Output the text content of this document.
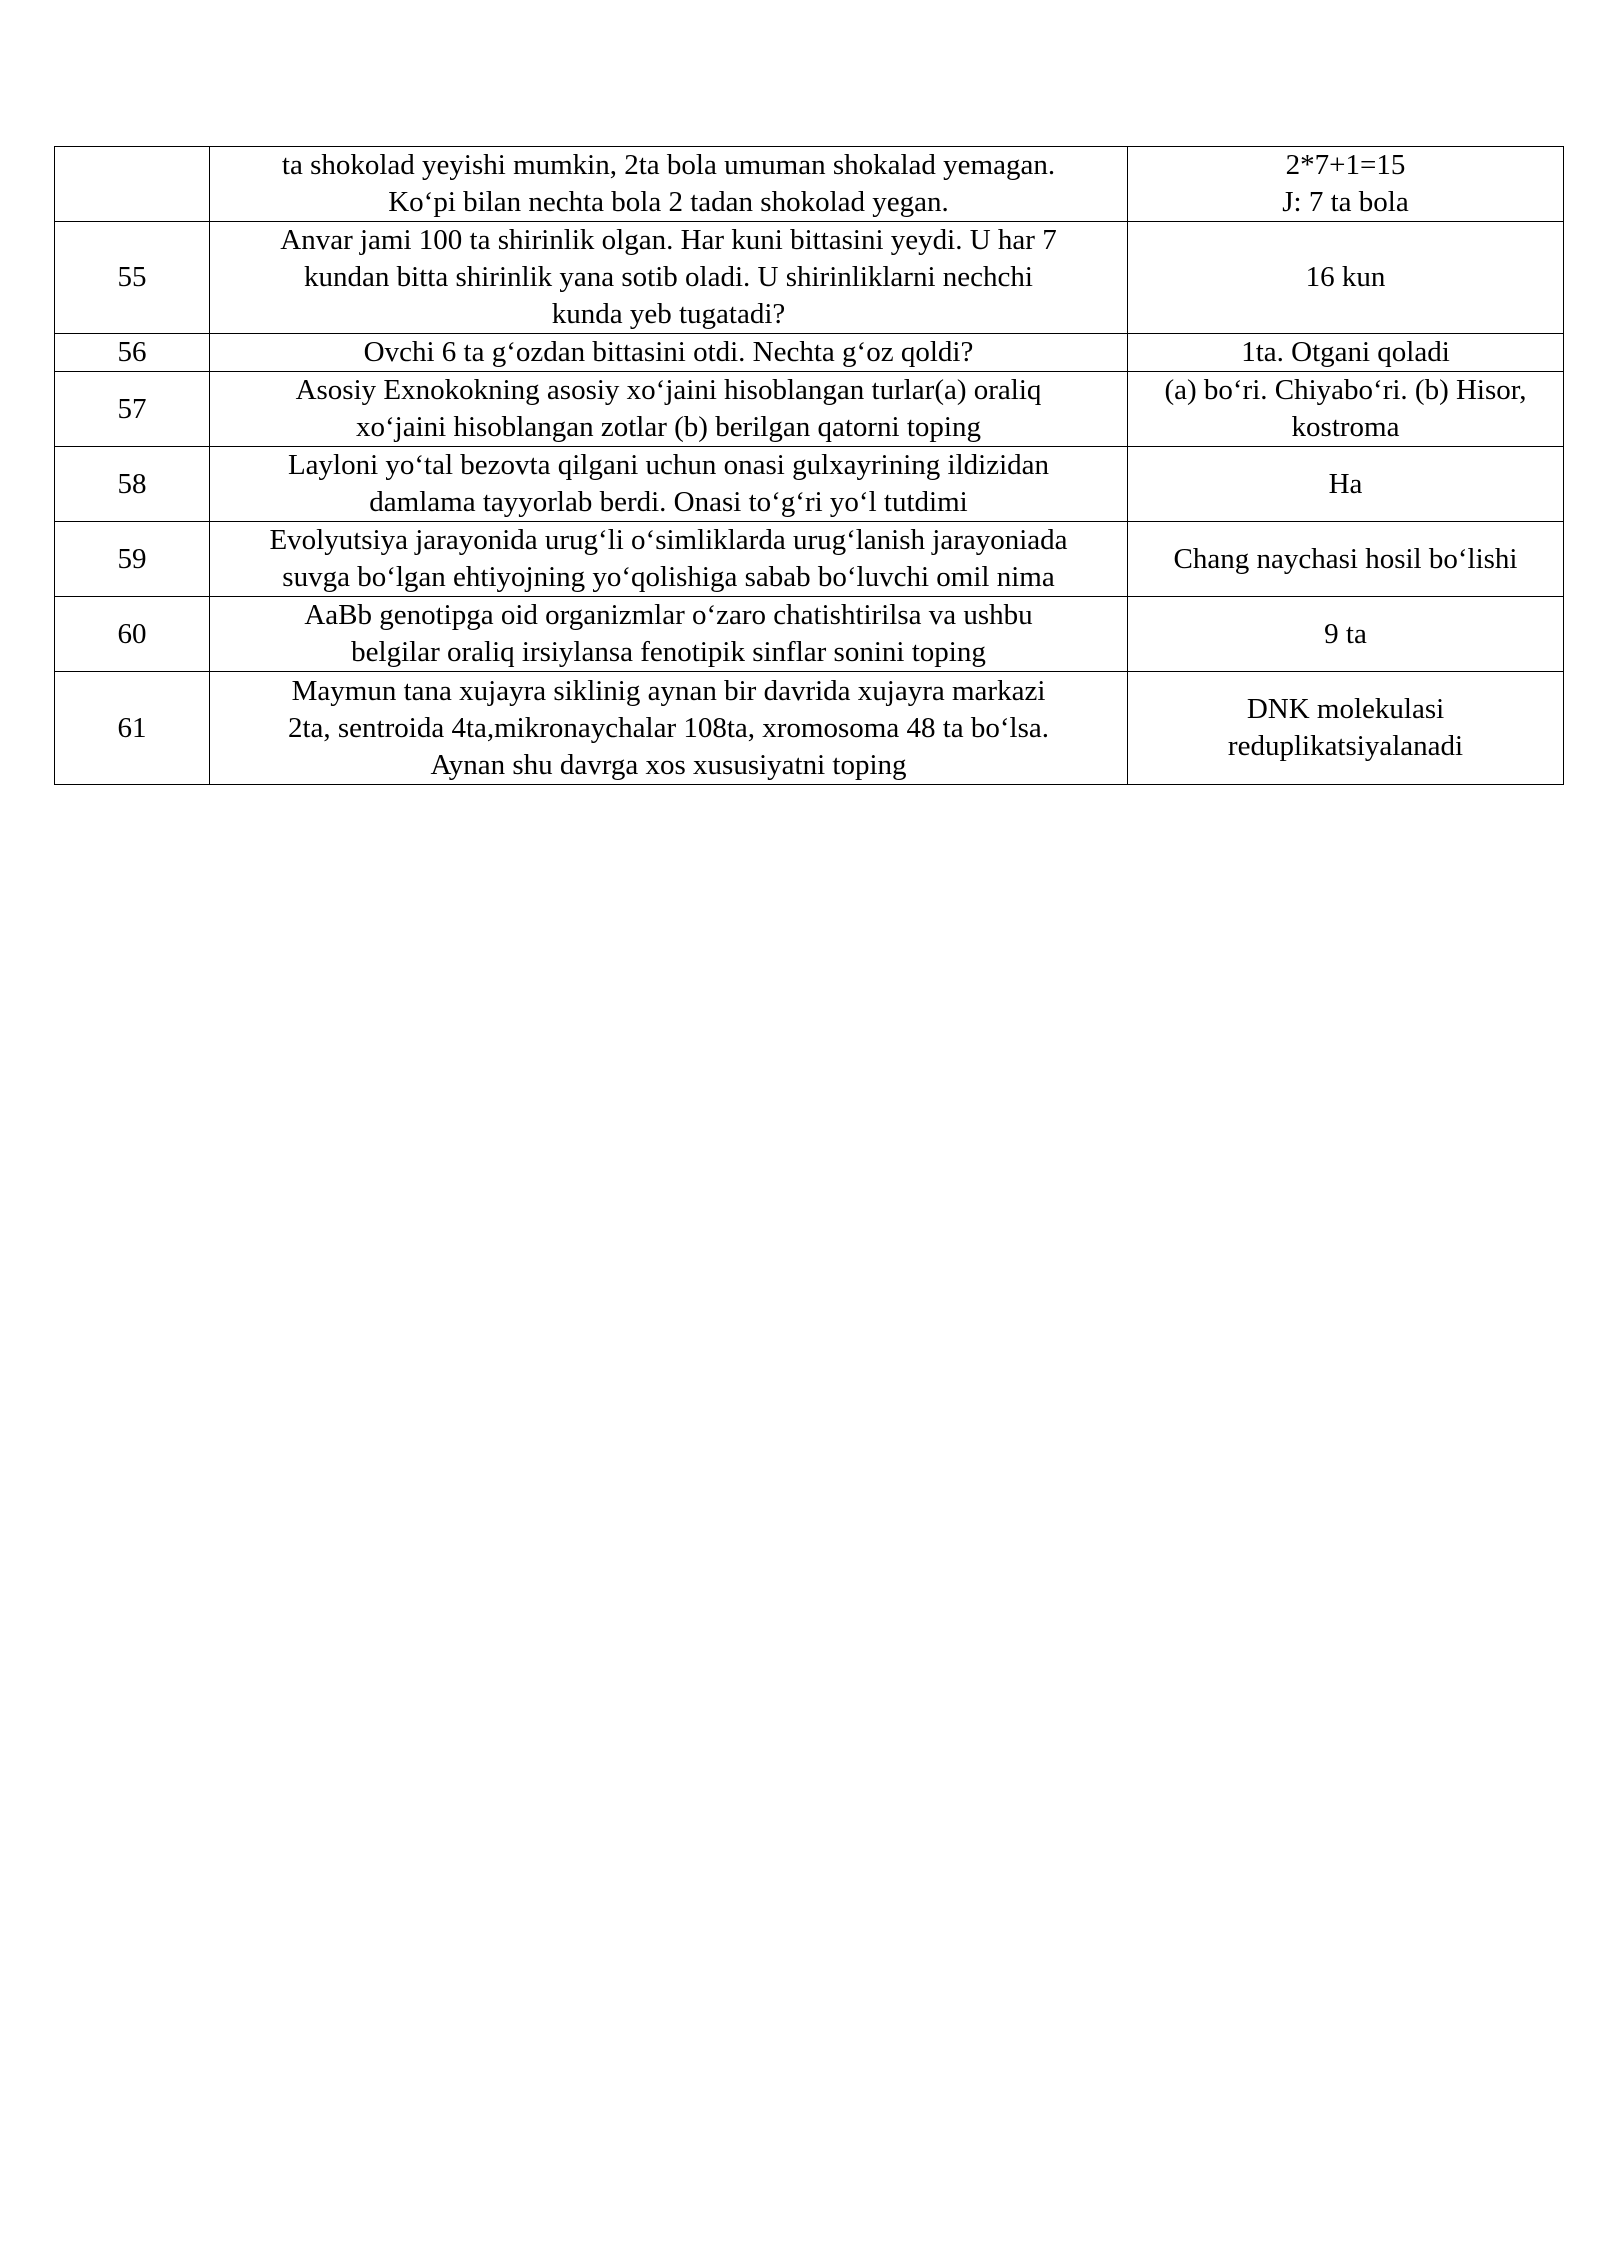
	ta shokolad yeyishi mumkin, 2ta bola umuman shokalad yemagan.
Ko‘pi bilan nechta bola 2 tadan shokolad yegan.	2*7+1=15
J: 7 ta bola

55	Anvar jami 100 ta shirinlik olgan. Har kuni bittasini yeydi. U har 7
kundan bitta shirinlik yana sotib oladi. U shirinliklarni nechchi
kunda yeb tugatadi?	16 kun

56	Ovchi 6 ta g‘ozdan bittasini otdi. Nechta g‘oz qoldi?	1ta. Otgani qoladi

57	Asosiy Exnokokning asosiy xo‘jaini hisoblangan turlar(a) oraliq
xo‘jaini hisoblangan zotlar (b) berilgan qatorni toping	(a) bo‘ri. Chiyabo‘ri. (b) Hisor,
kostroma

58	Layloni yo‘tal bezovta qilgani uchun onasi gulxayrining ildizidan
damlama tayyorlab berdi. Onasi to‘g‘ri yo‘l tutdimi	Ha

59	Evolyutsiya jarayonida urug‘li o‘simliklarda urug‘lanish jarayoniada
suvga bo‘lgan ehtiyojning yo‘qolishiga sabab bo‘luvchi omil nima	Chang naychasi hosil bo‘lishi

60	AaBb genotipga oid organizmlar o‘zaro chatishtirilsa va ushbu
belgilar oraliq irsiylansa fenotipik sinflar sonini toping	9 ta

61	Maymun tana xujayra siklinig aynan bir davrida xujayra markazi
2ta, sentroida 4ta,mikronaychalar 108ta, xromosoma 48 ta bo‘lsa.
Aynan shu davrga xos xususiyatni toping	DNK molekulasi
reduplikatsiyalanadi
